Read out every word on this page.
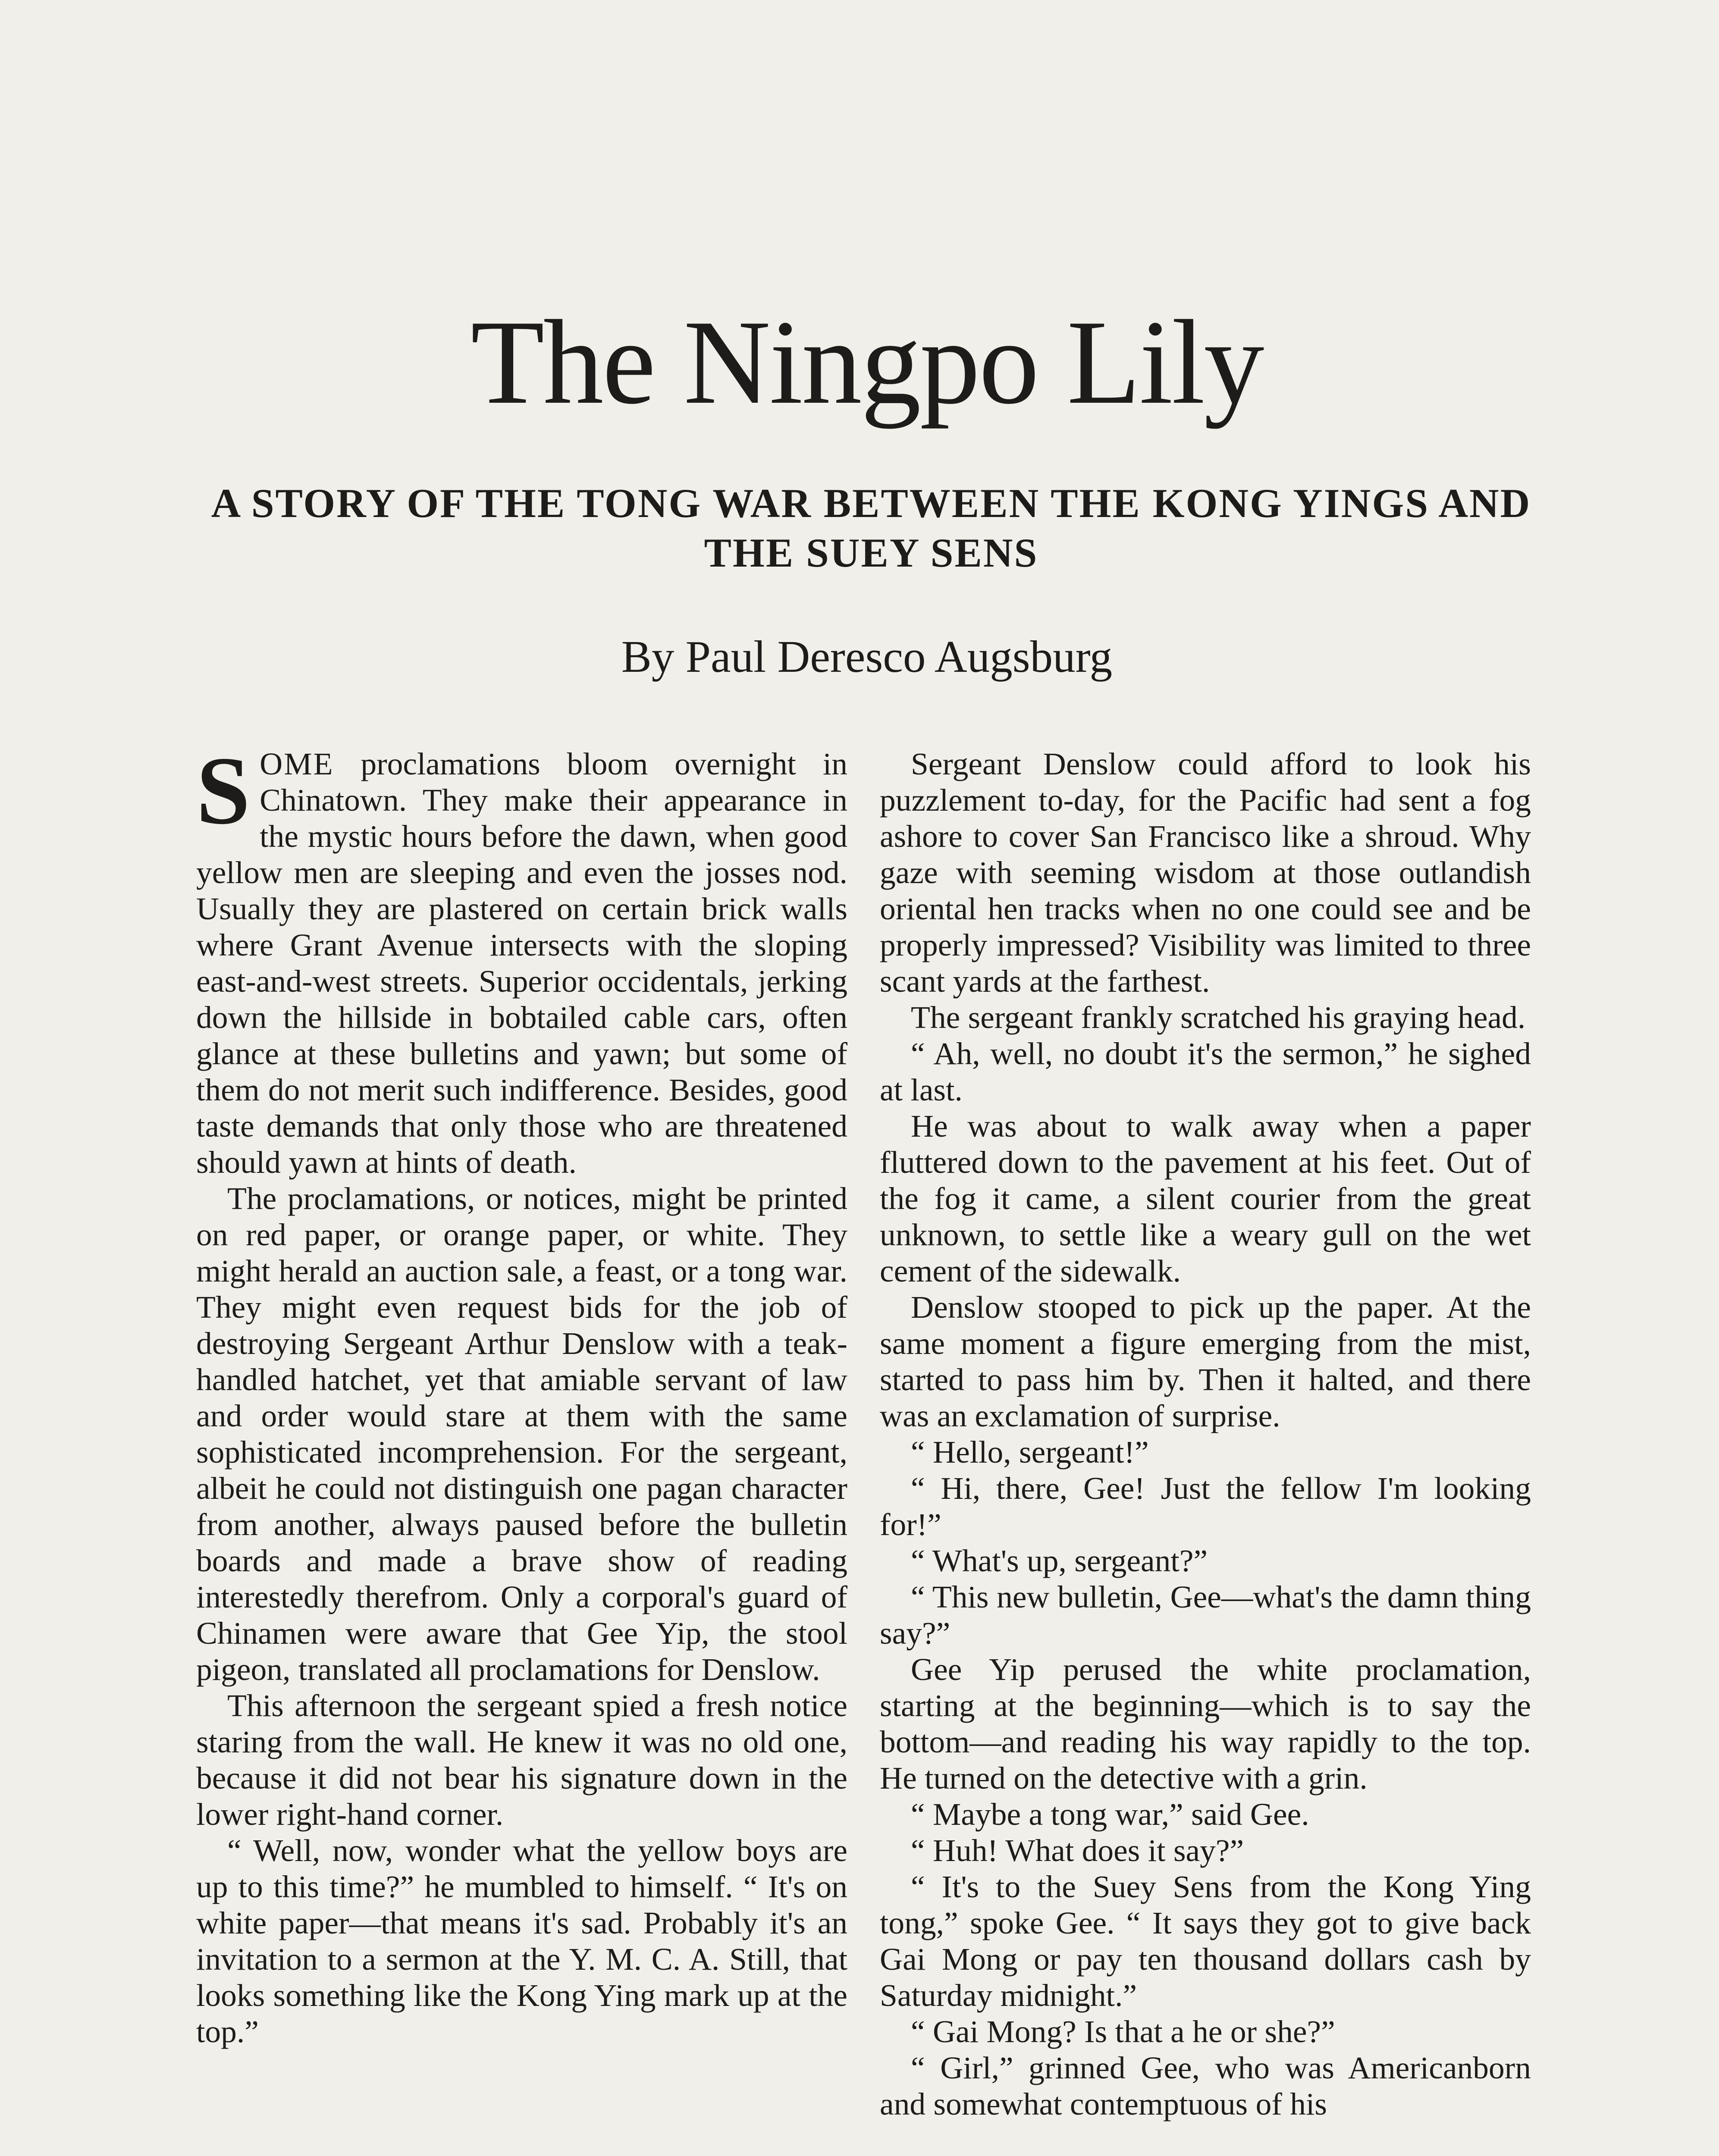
The Ningpo Lily
A STORY OF THE TONG WAR BETWEEN THE KONG YINGS AND THE SUEY SENS
By Paul Deresco Augsburg

SOME proclamations bloom overnight in Chinatown. They make their appearance in the mystic hours before the dawn, when good yellow men are sleeping and even the josses nod. Usually they are plastered on certain brick walls where Grant Avenue intersects with the sloping east-and-west streets. Superior occidentals, jerking down the hillside in bobtailed cable cars, often glance at these bulletins and yawn; but some of them do not merit such indifference. Besides, good taste demands that only those who are threatened should yawn at hints of death.

The proclamations, or notices, might be printed on red paper, or orange paper, or white. They might herald an auction sale, a feast, or a tong war. They might even request bids for the job of destroying Sergeant Arthur Denslow with a teak-handled hatchet, yet that amiable servant of law and order would stare at them with the same sophisticated incomprehension. For the sergeant, albeit he could not distinguish one pagan character from another, always paused before the bulletin boards and made a brave show of reading interestedly therefrom. Only a corporal's guard of Chinamen were aware that Gee Yip, the stool pigeon, translated all proclamations for Denslow.

This afternoon the sergeant spied a fresh notice staring from the wall. He knew it was no old one, because it did not bear his signature down in the lower right-hand corner.

“ Well, now, wonder what the yellow boys are up to this time?” he mumbled to himself. “ It's on white paper—that means it's sad. Probably it's an invitation to a sermon at the Y. M. C. A. Still, that looks something like the Kong Ying mark up at the top.”

Sergeant Denslow could afford to look his puzzlement to-day, for the Pacific had sent a fog ashore to cover San Francisco like a shroud. Why gaze with seeming wisdom at those outlandish oriental hen tracks when no one could see and be properly impressed? Visibility was limited to three scant yards at the farthest.

The sergeant frankly scratched his graying head.

“ Ah, well, no doubt it's the sermon,” he sighed at last.

He was about to walk away when a paper fluttered down to the pavement at his feet. Out of the fog it came, a silent courier from the great unknown, to settle like a weary gull on the wet cement of the sidewalk.

Denslow stooped to pick up the paper. At the same moment a figure emerging from the mist, started to pass him by. Then it halted, and there was an exclamation of surprise.

“ Hello, sergeant!”

“ Hi, there, Gee! Just the fellow I'm looking for!”

“ What's up, sergeant?”

“ This new bulletin, Gee—what's the damn thing say?”

Gee Yip perused the white proclamation, starting at the beginning—which is to say the bottom—and reading his way rapidly to the top. He turned on the detective with a grin.

“ Maybe a tong war,” said Gee.

“ Huh! What does it say?”

“ It's to the Suey Sens from the Kong Ying tong,” spoke Gee. “ It says they got to give back Gai Mong or pay ten thousand dollars cash by Saturday midnight.”

“ Gai Mong? Is that a he or she?”

“ Girl,” grinned Gee, who was Americanborn and somewhat contemptuous of his
